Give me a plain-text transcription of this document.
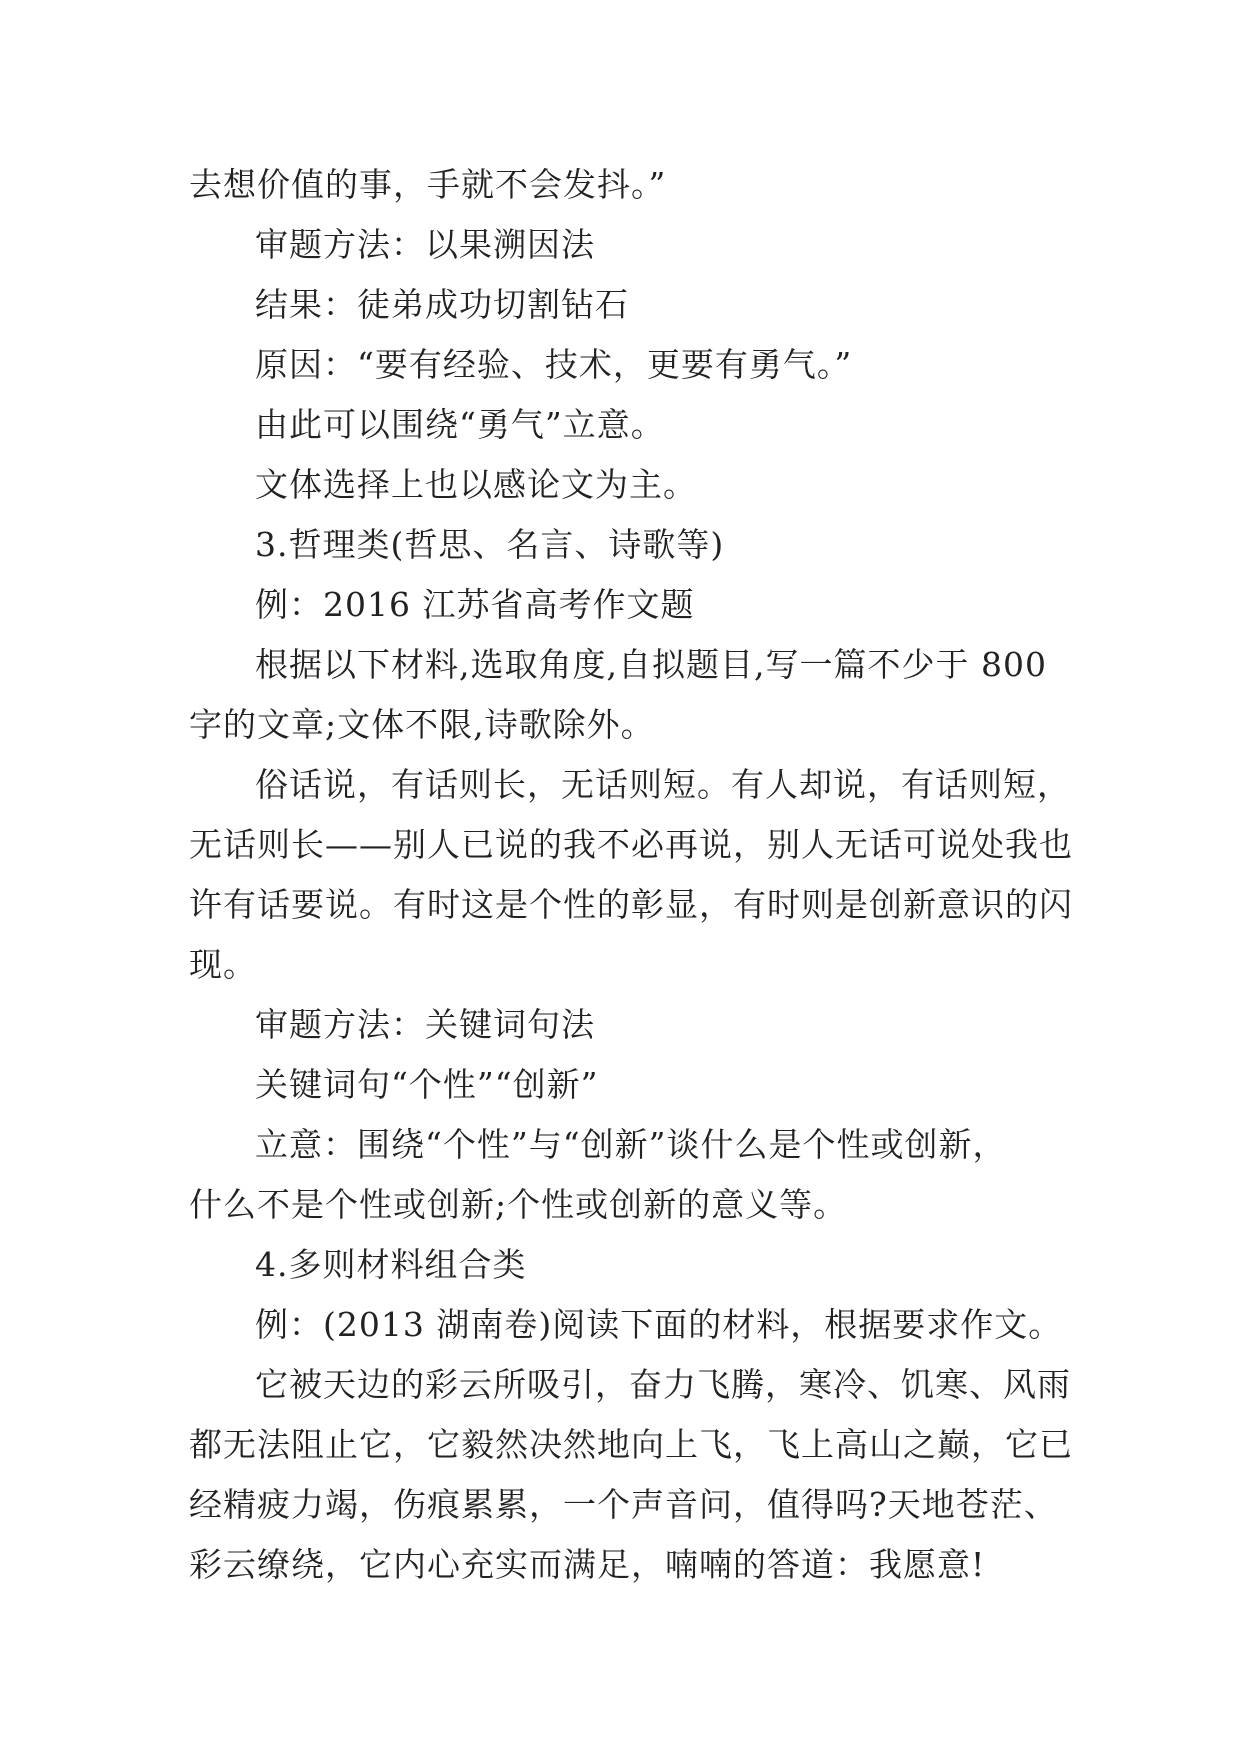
去想价值的事，手就不会发抖。”

审题方法：以果溯因法

结果：徒弟成功切割钻石

原因：“要有经验、技术，更要有勇气。”

由此可以围绕“勇气”立意。

文体选择上也以感论文为主。

3.哲理类(哲思、名言、诗歌等)

例：2016 江苏省高考作文题

根据以下材料,选取角度,自拟题目,写一篇不少于 800

字的文章;文体不限,诗歌除外。

俗话说，有话则长，无话则短。有人却说，有话则短，

无话则长——别人已说的我不必再说，别人无话可说处我也

许有话要说。有时这是个性的彰显，有时则是创新意识的闪

现。

审题方法：关键词句法

关键词句“个性”“创新”

立意：围绕“个性”与“创新”谈什么是个性或创新，

什么不是个性或创新;个性或创新的意义等。

4.多则材料组合类

例：(2013 湖南卷)阅读下面的材料，根据要求作文。

它被天边的彩云所吸引，奋力飞腾，寒冷、饥寒、风雨

都无法阻止它，它毅然决然地向上飞，飞上高山之巅，它已

经精疲力竭，伤痕累累，一个声音问，值得吗?天地苍茫、

彩云缭绕，它内心充实而满足，喃喃的答道：我愿意!
